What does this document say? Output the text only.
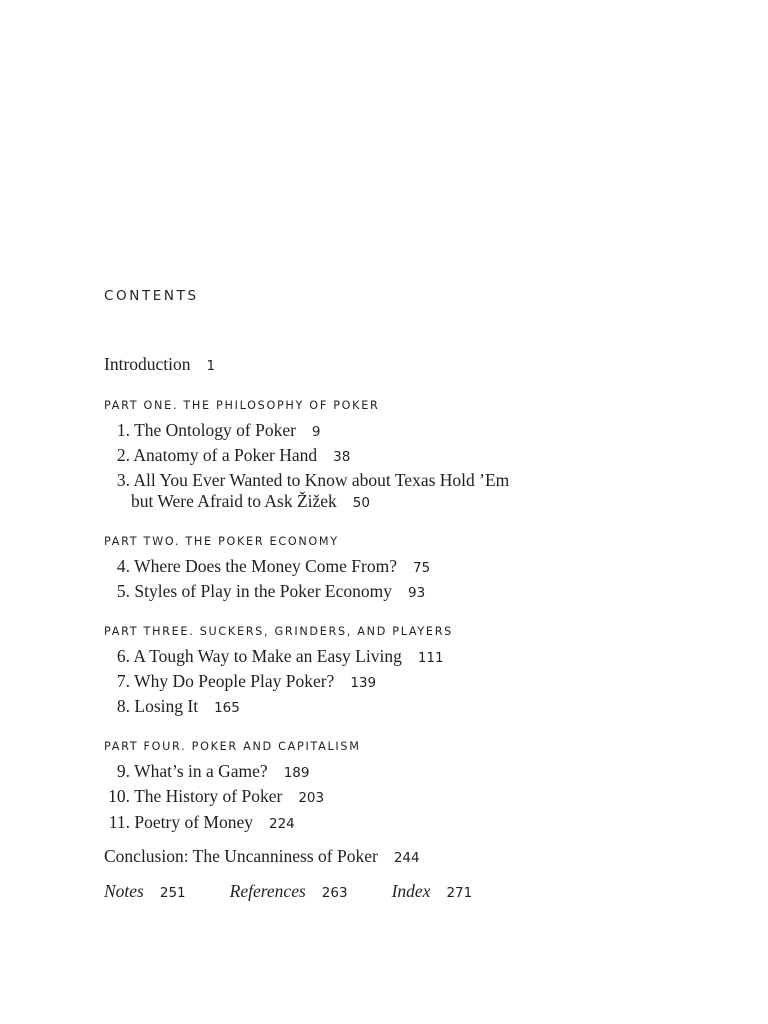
CONTENTS
Introduction 1
PART ONE. THE PHILOSOPHY OF POKER
1. The Ontology of Poker 9
2. Anatomy of a Poker Hand 38
3. All You Ever Wanted to Know about Texas Hold ’Em
but Were Afraid to Ask Žižek 50
PART TWO. THE POKER ECONOMY
4. Where Does the Money Come From? 75
5. Styles of Play in the Poker Economy 93
PART THREE. SUCKERS, GRINDERS, AND PLAYERS
6. A Tough Way to Make an Easy Living 111
7. Why Do People Play Poker? 139
8. Losing It 165
PART FOUR. POKER AND CAPITALISM
9. What’s in a Game? 189
10. The History of Poker 203
11. Poetry of Money 224
Conclusion: The Uncanniness of Poker 244
Notes 251	References 263	Index 271
